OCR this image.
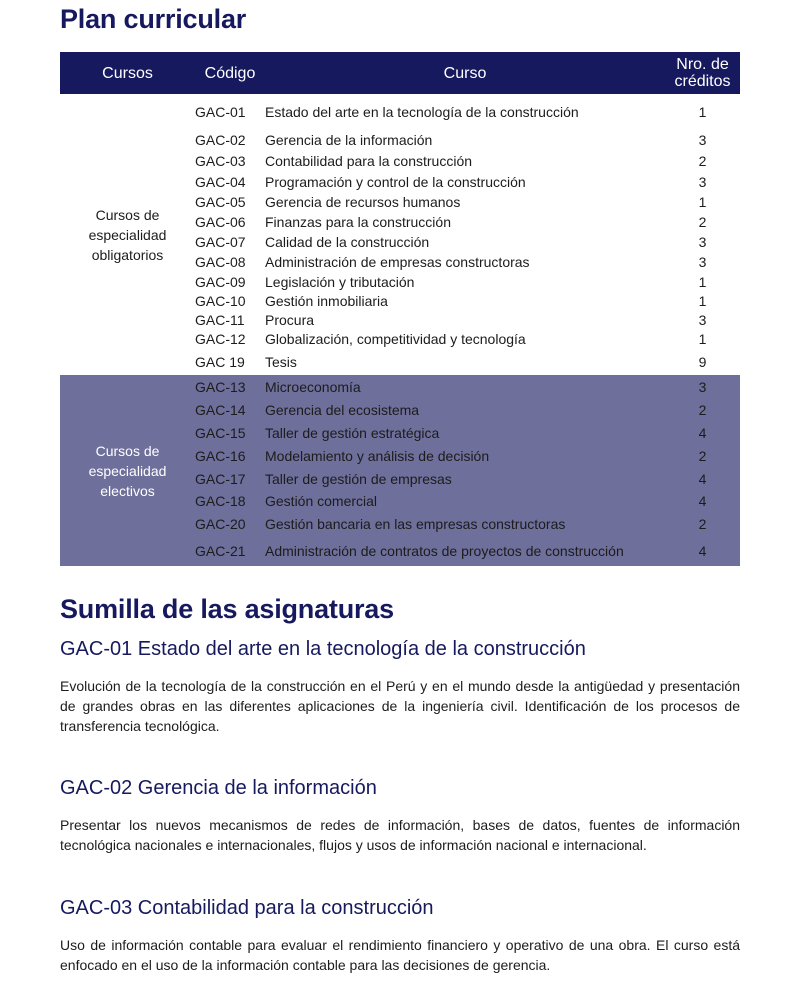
Plan curricular
Cursos	Código	Curso	Nro. de
créditos
Cursos de
especialidad
obligatorios	GAC-01	Estado del arte en la tecnología de la construcción	1
	GAC-02	Gerencia de la información	3
	GAC-03	Contabilidad para la construcción	2
	GAC-04	Programación y control de la construcción	3
	GAC-05	Gerencia de recursos humanos	1
	GAC-06	Finanzas para la construcción	2
	GAC-07	Calidad de la construcción	3
	GAC-08	Administración de empresas constructoras	3
	GAC-09	Legislación y tributación	1
	GAC-10	Gestión inmobiliaria	1
	GAC-11	Procura	3
	GAC-12	Globalización, competitividad y tecnología	1
	GAC 19	Tesis	9
Cursos de
especialidad
electivos	GAC-13	Microeconomía	3
	GAC-14	Gerencia del ecosistema	2
	GAC-15	Taller de gestión estratégica	4
	GAC-16	Modelamiento y análisis de decisión	2
	GAC-17	Taller de gestión de empresas	4
	GAC-18	Gestión comercial	4
	GAC-20	Gestión bancaria en las empresas constructoras	2
	GAC-21	Administración de contratos de proyectos de construcción	4
Sumilla de las asignaturas
GAC-01 Estado del arte en la tecnología de la construcción

Evolución de la tecnología de la construcción en el Perú y en el mundo desde la antigüedad y presentación de grandes obras en las diferentes aplicaciones de la ingeniería civil. Identificación de los procesos de transferencia tecnológica.

GAC-02 Gerencia de la información

Presentar los nuevos mecanismos de redes de información, bases de datos, fuentes de información tecnológica nacionales e internacionales, flujos y usos de información nacional e internacional.

GAC-03 Contabilidad para la construcción

Uso de información contable para evaluar el rendimiento financiero y operativo de una obra. El curso está enfocado en el uso de la información contable para las decisiones de gerencia.
